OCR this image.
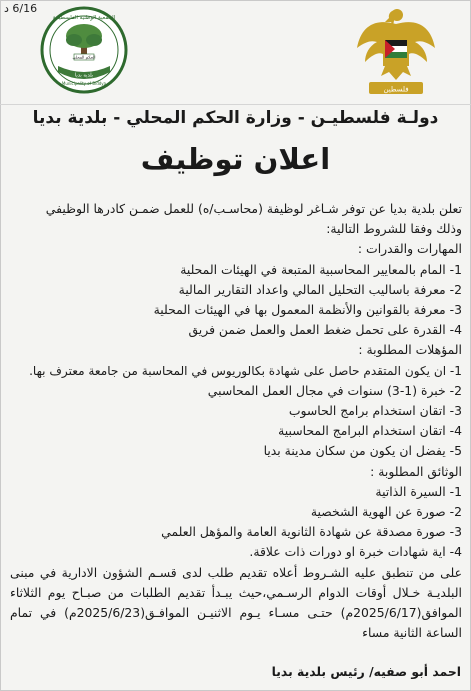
6/16 د
الجمعية الوطنية الفلسطينية
الحكم المحلي
بلدية بديا
Municipality of Biddya
فلسطين
دولـة فلسطيـن - وزارة الحكم المحلي - بلدية بديا
اعلان توظيف

تعلن بلدية بديا عن توفر شـاغر لوظيفة (محاسـب/ه) للعمل ضمـن كادرها الوظيفي

وذلك وفقا للشروط التالية:

المهارات والقدرات :

1- المام بالمعايير المحاسبية المتبعة في الهيئات المحلية

2- معرفة باساليب التحليل المالي واعداد التقارير المالية

3- معرفة بالقوانين والأنظمة المعمول بها في الهيئات المحلية

4- القدرة على تحمل ضغط العمل والعمل ضمن فريق

المؤهلات المطلوبة :

1- ان يكون المتقدم حاصل على شهادة بكالوريوس في المحاسبة من جامعة معترف بها.

2- خبرة (1-3) سنوات في مجال العمل المحاسبي

3- اتقان استخدام برامج الحاسوب

4- اتقان استخدام البرامج المحاسبية

5- يفضل ان يكون من سكان مدينة بديا

الوثائق المطلوبة :

1- السيرة الذاتية

2- صورة عن الهوية الشخصية

3- صورة مصدقة عن شهادة الثانوية العامة والمؤهل العلمي

4- اية شهادات خبرة او دورات ذات علاقة.

على من تنطبق عليه الشـروط أعلاه تقديم طلب لدى قسـم الشؤون الادارية في مبنى البلديـة خـلال أوقات الدوام الرسـمي،حيث يبـدأ تقديم الطلبات من صبـاح يوم الثلاثاء الموافق(2025/6/17م) حتـى مسـاء يـوم الاثنيـن الموافـق(2025/6/23م) في تمام الساعة الثانية مساء

احمد أبو صفيه/ رئيس بلدية بديا
